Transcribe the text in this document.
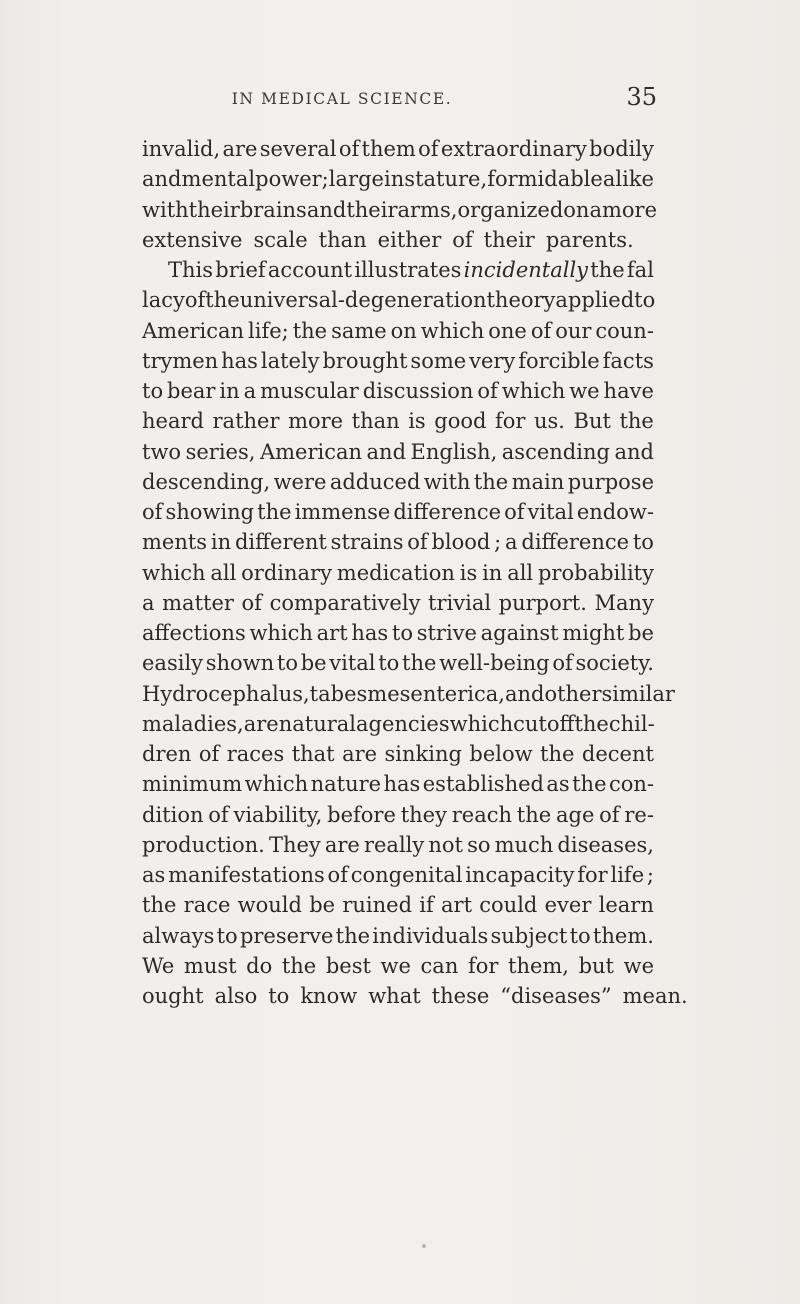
IN MEDICAL SCIENCE.	35
invalid, are several of them of extraordinary bodily
and mental power; large in stature, formidable alike
with their brains and their arms, organized on a more
extensive scale than either of their parents.
This brief account illustrates incidentally the fal
lacy of the universal-degeneration theory applied to
American life; the same on which one of our coun-
trymen has lately brought some very forcible facts
to bear in a muscular discussion of which we have
heard rather more than is good for us. But the
two series, American and English, ascending and
descending, were adduced with the main purpose
of showing the immense difference of vital endow-
ments in different strains of blood ; a difference to
which all ordinary medication is in all probability
a matter of comparatively trivial purport. Many
affections which art has to strive against might be
easily shown to be vital to the well-being of society.
Hydrocephalus, tabes mesenterica, and other similar
maladies, are natural agencies which cut off the chil-
dren of races that are sinking below the decent
minimum which nature has established as the con-
dition of viability, before they reach the age of re-
production. They are really not so much diseases,
as manifestations of congenital incapacity for life ;
the race would be ruined if art could ever learn
always to preserve the individuals subject to them.
We must do the best we can for them, but we
ought also to know what these “diseases” mean.
